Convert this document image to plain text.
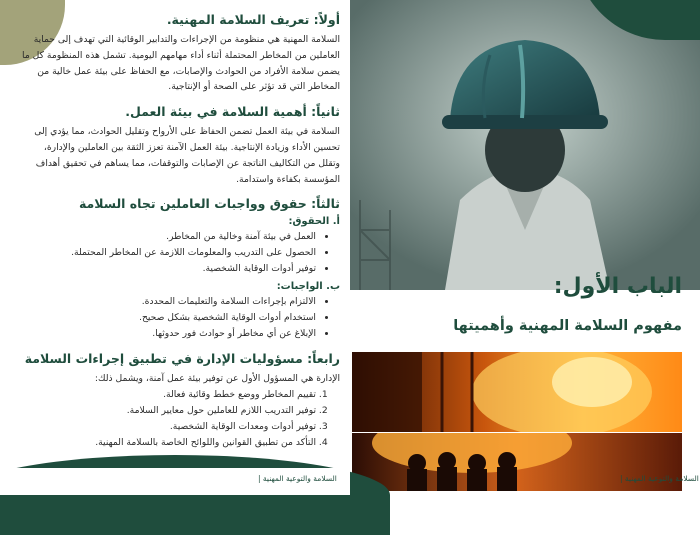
أولاً: تعريف السلامة المهنية.

السلامة المهنية هي منظومة من الإجراءات والتدابير الوقائية التي تهدف إلى حماية العاملين من المخاطر المحتملة أثناء أداء مهامهم اليومية. تشمل هذه المنظومة كل ما يضمن سلامة الأفراد من الحوادث والإصابات، مع الحفاظ على بيئة عمل خالية من المخاطر التي قد تؤثر على الصحة أو الإنتاجية.

ثانياً: أهمية السلامة في بيئة العمل.

السلامة في بيئة العمل تضمن الحفاظ على الأرواح وتقليل الحوادث، مما يؤدي إلى تحسين الأداء وزيادة الإنتاجية. بيئة العمل الآمنة تعزز الثقة بين العاملين والإدارة، وتقلل من التكاليف الناتجة عن الإصابات والتوقفات، مما يساهم في تحقيق أهداف المؤسسة بكفاءة واستدامة.

ثالثاً: حقوق وواجبات العاملين تجاه السلامة
أ. الحقوق:
• العمل في بيئة آمنة وخالية من المخاطر.
• الحصول على التدريب والمعلومات اللازمة عن المخاطر المحتملة.
• توفير أدوات الوقاية الشخصية.
ب. الواجبات:
• الالتزام بإجراءات السلامة والتعليمات المحددة.
• استخدام أدوات الوقاية الشخصية بشكل صحيح.
• الإبلاغ عن أي مخاطر أو حوادث فور حدوثها.
رابعاً: مسؤوليات الإدارة في تطبيق إجراءات السلامة

الإدارة هي المسؤول الأول عن توفير بيئة عمل آمنة، ويشمل ذلك:

1. تقييم المخاطر ووضع خطط وقائية فعالة.
2. توفير التدريب اللازم للعاملين حول معايير السلامة.
3. توفير أدوات ومعدات الوقاية الشخصية.
4. التأكد من تطبيق القوانين واللوائح الخاصة بالسلامة المهنية.
الباب الأول:
مفهوم السلامة المهنية وأهميتها
السلامة والتوعية المهنية |	السلامة والتوعية المهنية |
